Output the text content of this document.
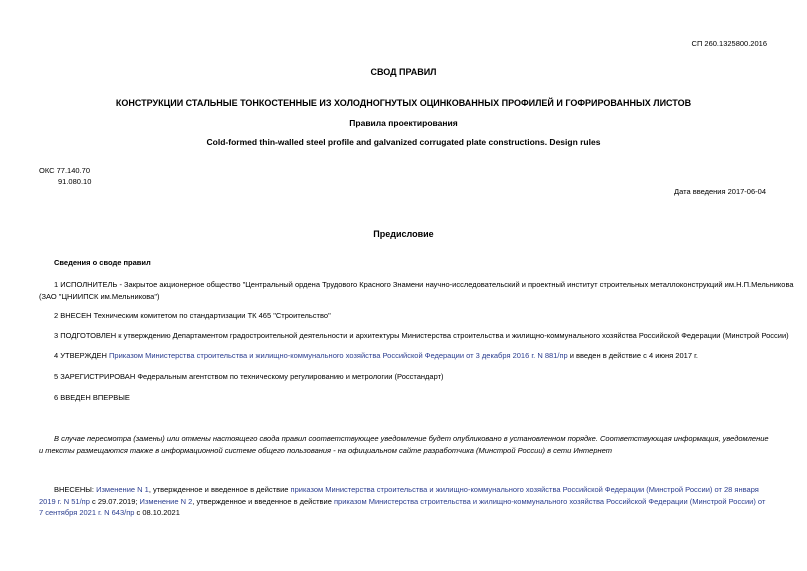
СП 260.1325800.2016
СВОД ПРАВИЛ
КОНСТРУКЦИИ СТАЛЬНЫЕ ТОНКОСТЕННЫЕ ИЗ ХОЛОДНОГНУТЫХ ОЦИНКОВАННЫХ ПРОФИЛЕЙ И ГОФРИРОВАННЫХ ЛИСТОВ
Правила проектирования
Cold-formed thin-walled steel profile and galvanized corrugated plate constructions. Design rules
ОКС 77.140.70
91.080.10
Дата введения 2017-06-04
Предисловие
Сведения о своде правил
1 ИСПОЛНИТЕЛЬ - Закрытое акционерное общество "Центральный ордена Трудового Красного Знамени научно-исследовательский и проектный институт строительных металлоконструкций им.Н.П.Мельникова
(ЗАО "ЦНИИПСК им.Мельникова")
2 ВНЕСЕН Техническим комитетом по стандартизации ТК 465 "Строительство"
3 ПОДГОТОВЛЕН к утверждению Департаментом градостроительной деятельности и архитектуры Министерства строительства и жилищно-коммунального хозяйства Российской Федерации (Минстрой России)
4 УТВЕРЖДЕН Приказом Министерства строительства и жилищно-коммунального хозяйства Российской Федерации от 3 декабря 2016 г. N 881/пр и введен в действие с 4 июня 2017 г.
5 ЗАРЕГИСТРИРОВАН Федеральным агентством по техническому регулированию и метрологии (Росстандарт)
6 ВВЕДЕН ВПЕРВЫЕ
В случае пересмотра (замены) или отмены настоящего свода правил соответствующее уведомление будет опубликовано в установленном порядке. Соответствующая информация, уведомление и тексты размещаются также в информационной системе общего пользования - на официальном сайте разработчика (Минстрой России) в сети Интернет
ВНЕСЕНЫ: Изменение N 1, утвержденное и введенное в действие приказом Министерства строительства и жилищно-коммунального хозяйства Российской Федерации (Минстрой России) от 28 января 2019 г. N 51/пр с 29.07.2019; Изменение N 2, утвержденное и введенное в действие приказом Министерства строительства и жилищно-коммунального хозяйства Российской Федерации (Минстрой России) от 7 сентября 2021 г. N 643/пр с 08.10.2021
